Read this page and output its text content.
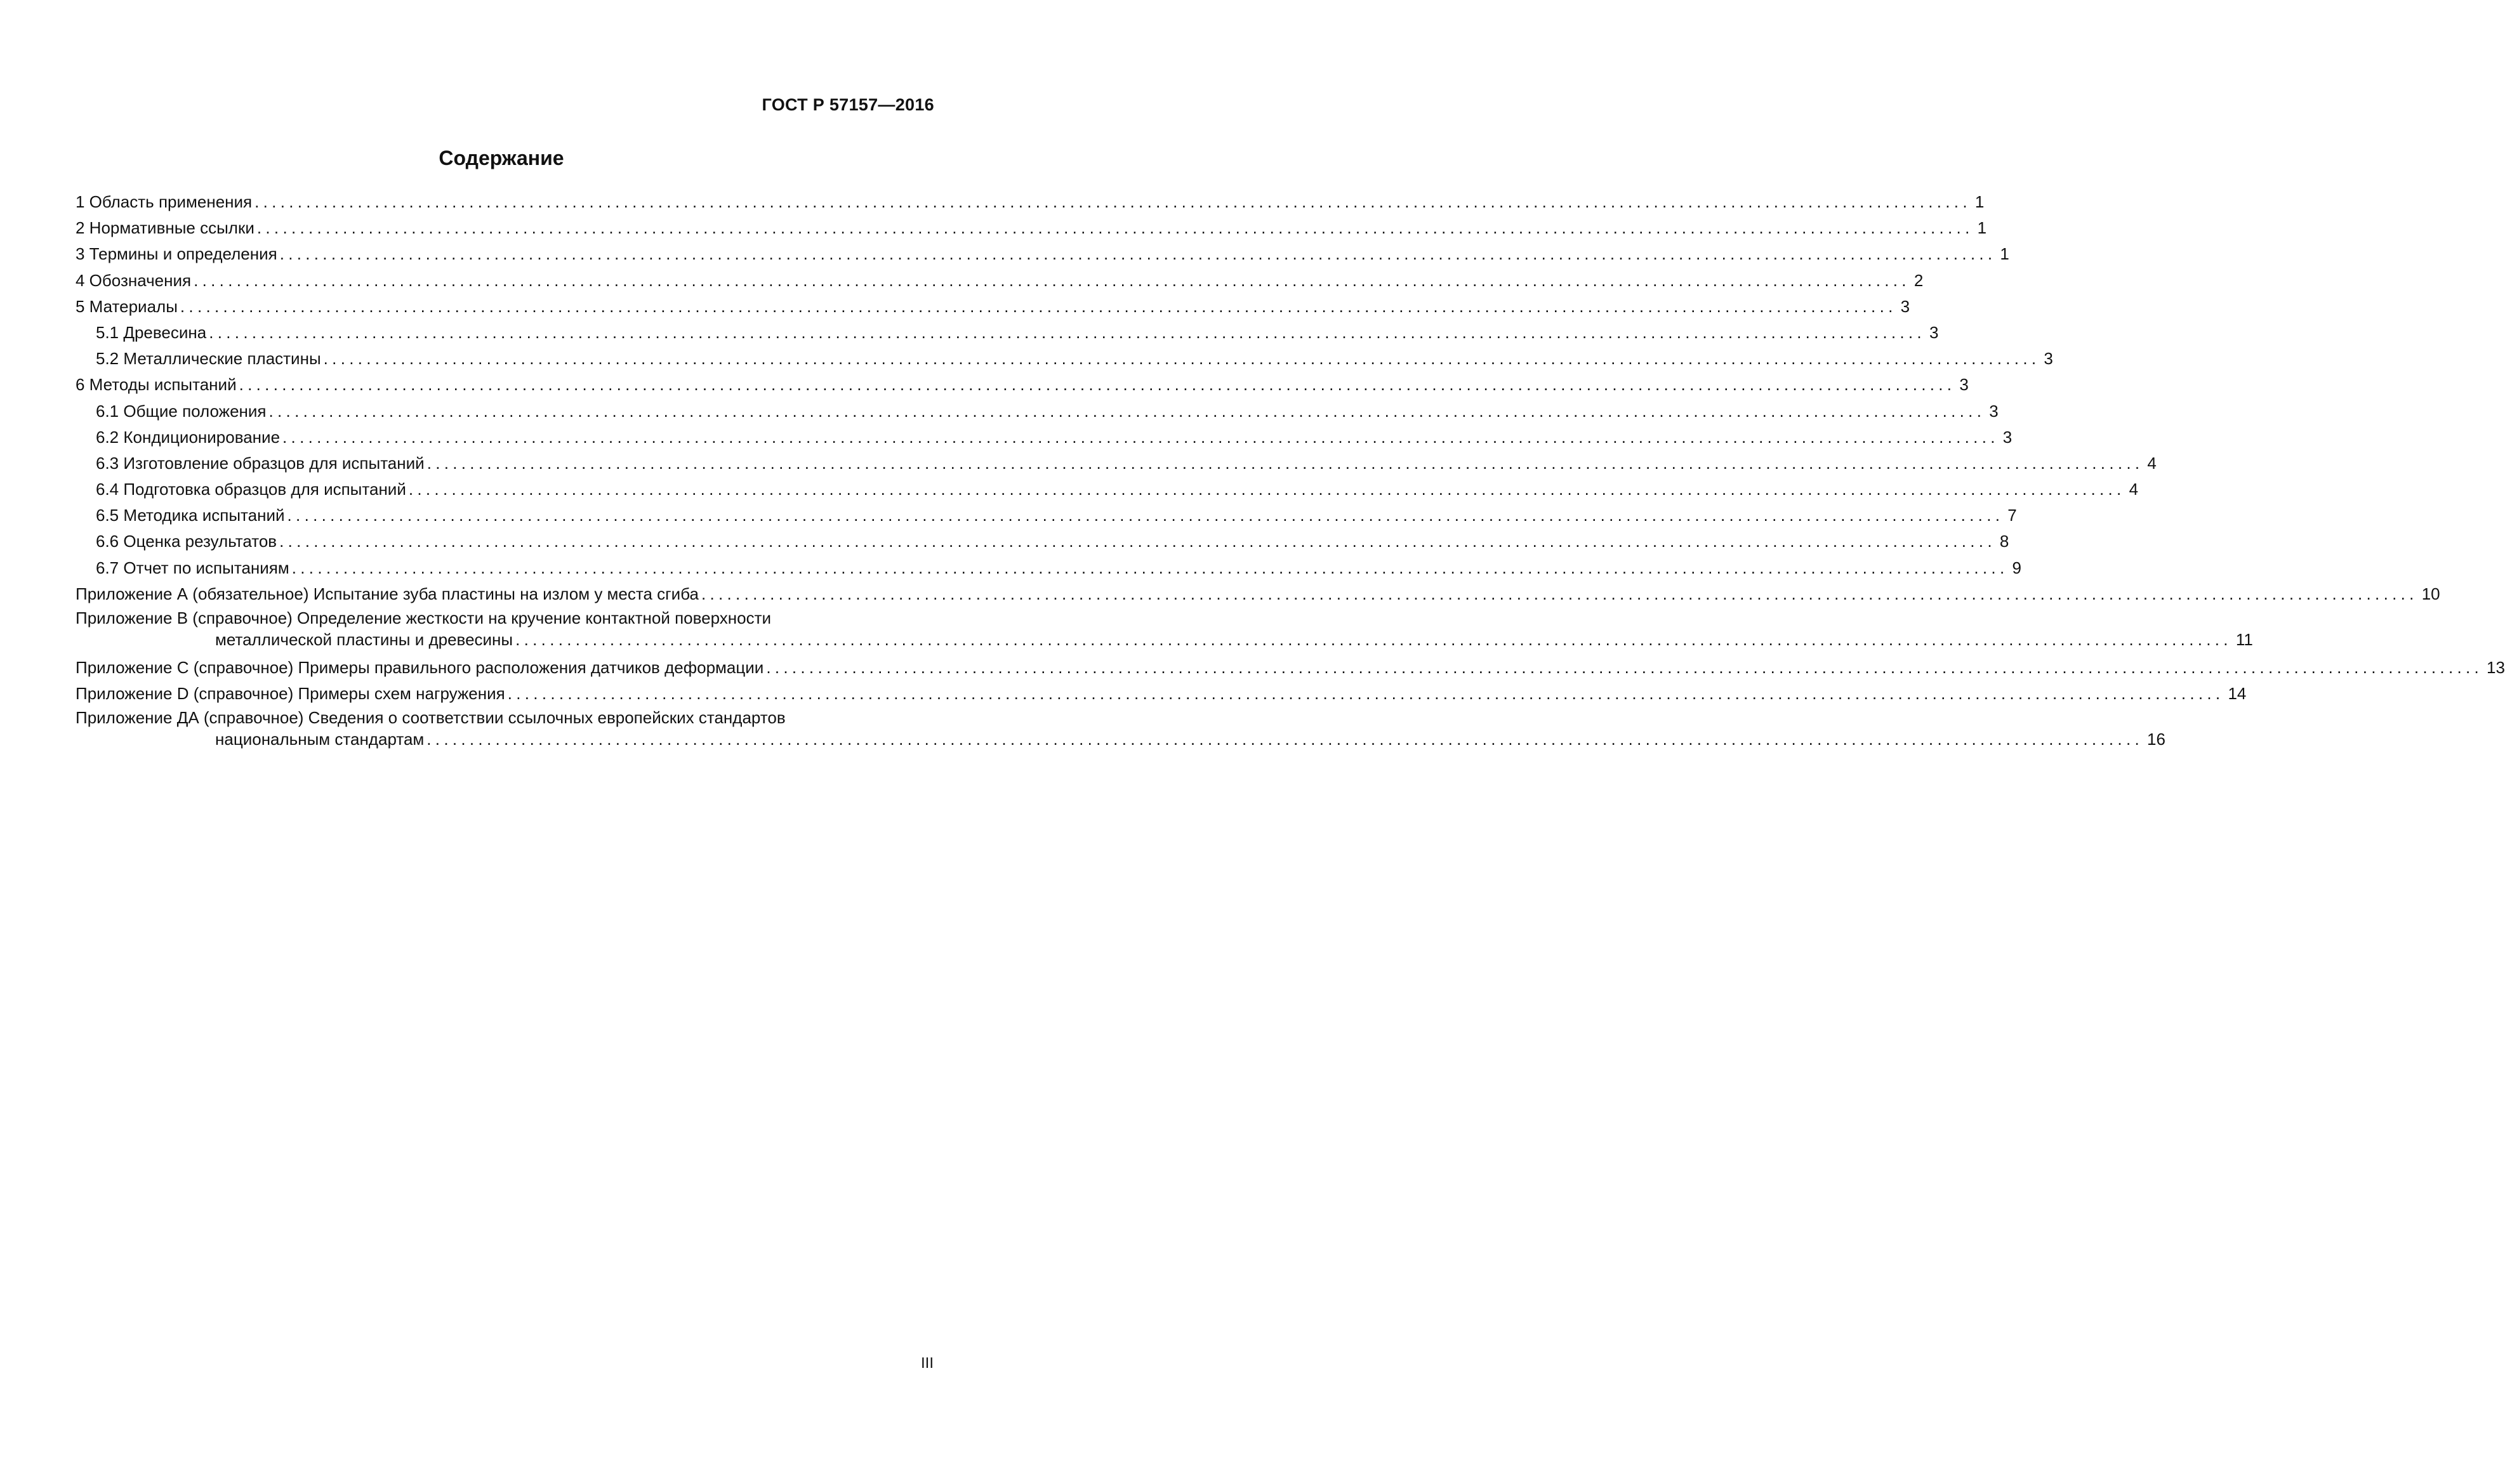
ГОСТ Р 57157—2016
Содержание
1 Область применения ........................................................................................................................................................................................................ 1
2 Нормативные ссылки ........................................................................................................................................................................................................ 1
3 Термины и определения ........................................................................................................................................................................................................ 1
4 Обозначения ........................................................................................................................................................................................................ 2
5 Материалы ........................................................................................................................................................................................................ 3
5.1 Древесина ........................................................................................................................................................................................................ 3
5.2 Металлические пластины ........................................................................................................................................................................................................ 3
6 Методы испытаний ........................................................................................................................................................................................................ 3
6.1 Общие положения ........................................................................................................................................................................................................ 3
6.2 Кондиционирование ........................................................................................................................................................................................................ 3
6.3 Изготовление образцов для испытаний ........................................................................................................................................................................................................ 4
6.4 Подготовка образцов для испытаний ........................................................................................................................................................................................................ 4
6.5 Методика испытаний ........................................................................................................................................................................................................ 7
6.6 Оценка результатов ........................................................................................................................................................................................................ 8
6.7 Отчет по испытаниям ........................................................................................................................................................................................................ 9
Приложение А (обязательное) Испытание зуба пластины на излом у места сгиба ........................................................................................................................................................................................................ 10
Приложение В (справочное) Определение жесткости на кручение контактной поверхности
металлической пластины и древесины ........................................................................................................................................................................................................ 11
Приложение С (справочное) Примеры правильного расположения датчиков деформации ........................................................................................................................................................................................................ 13
Приложение D (справочное) Примеры схем нагружения ........................................................................................................................................................................................................ 14
Приложение ДА (справочное) Сведения о соответствии ссылочных европейских стандартов
национальным стандартам ........................................................................................................................................................................................................ 16
III
